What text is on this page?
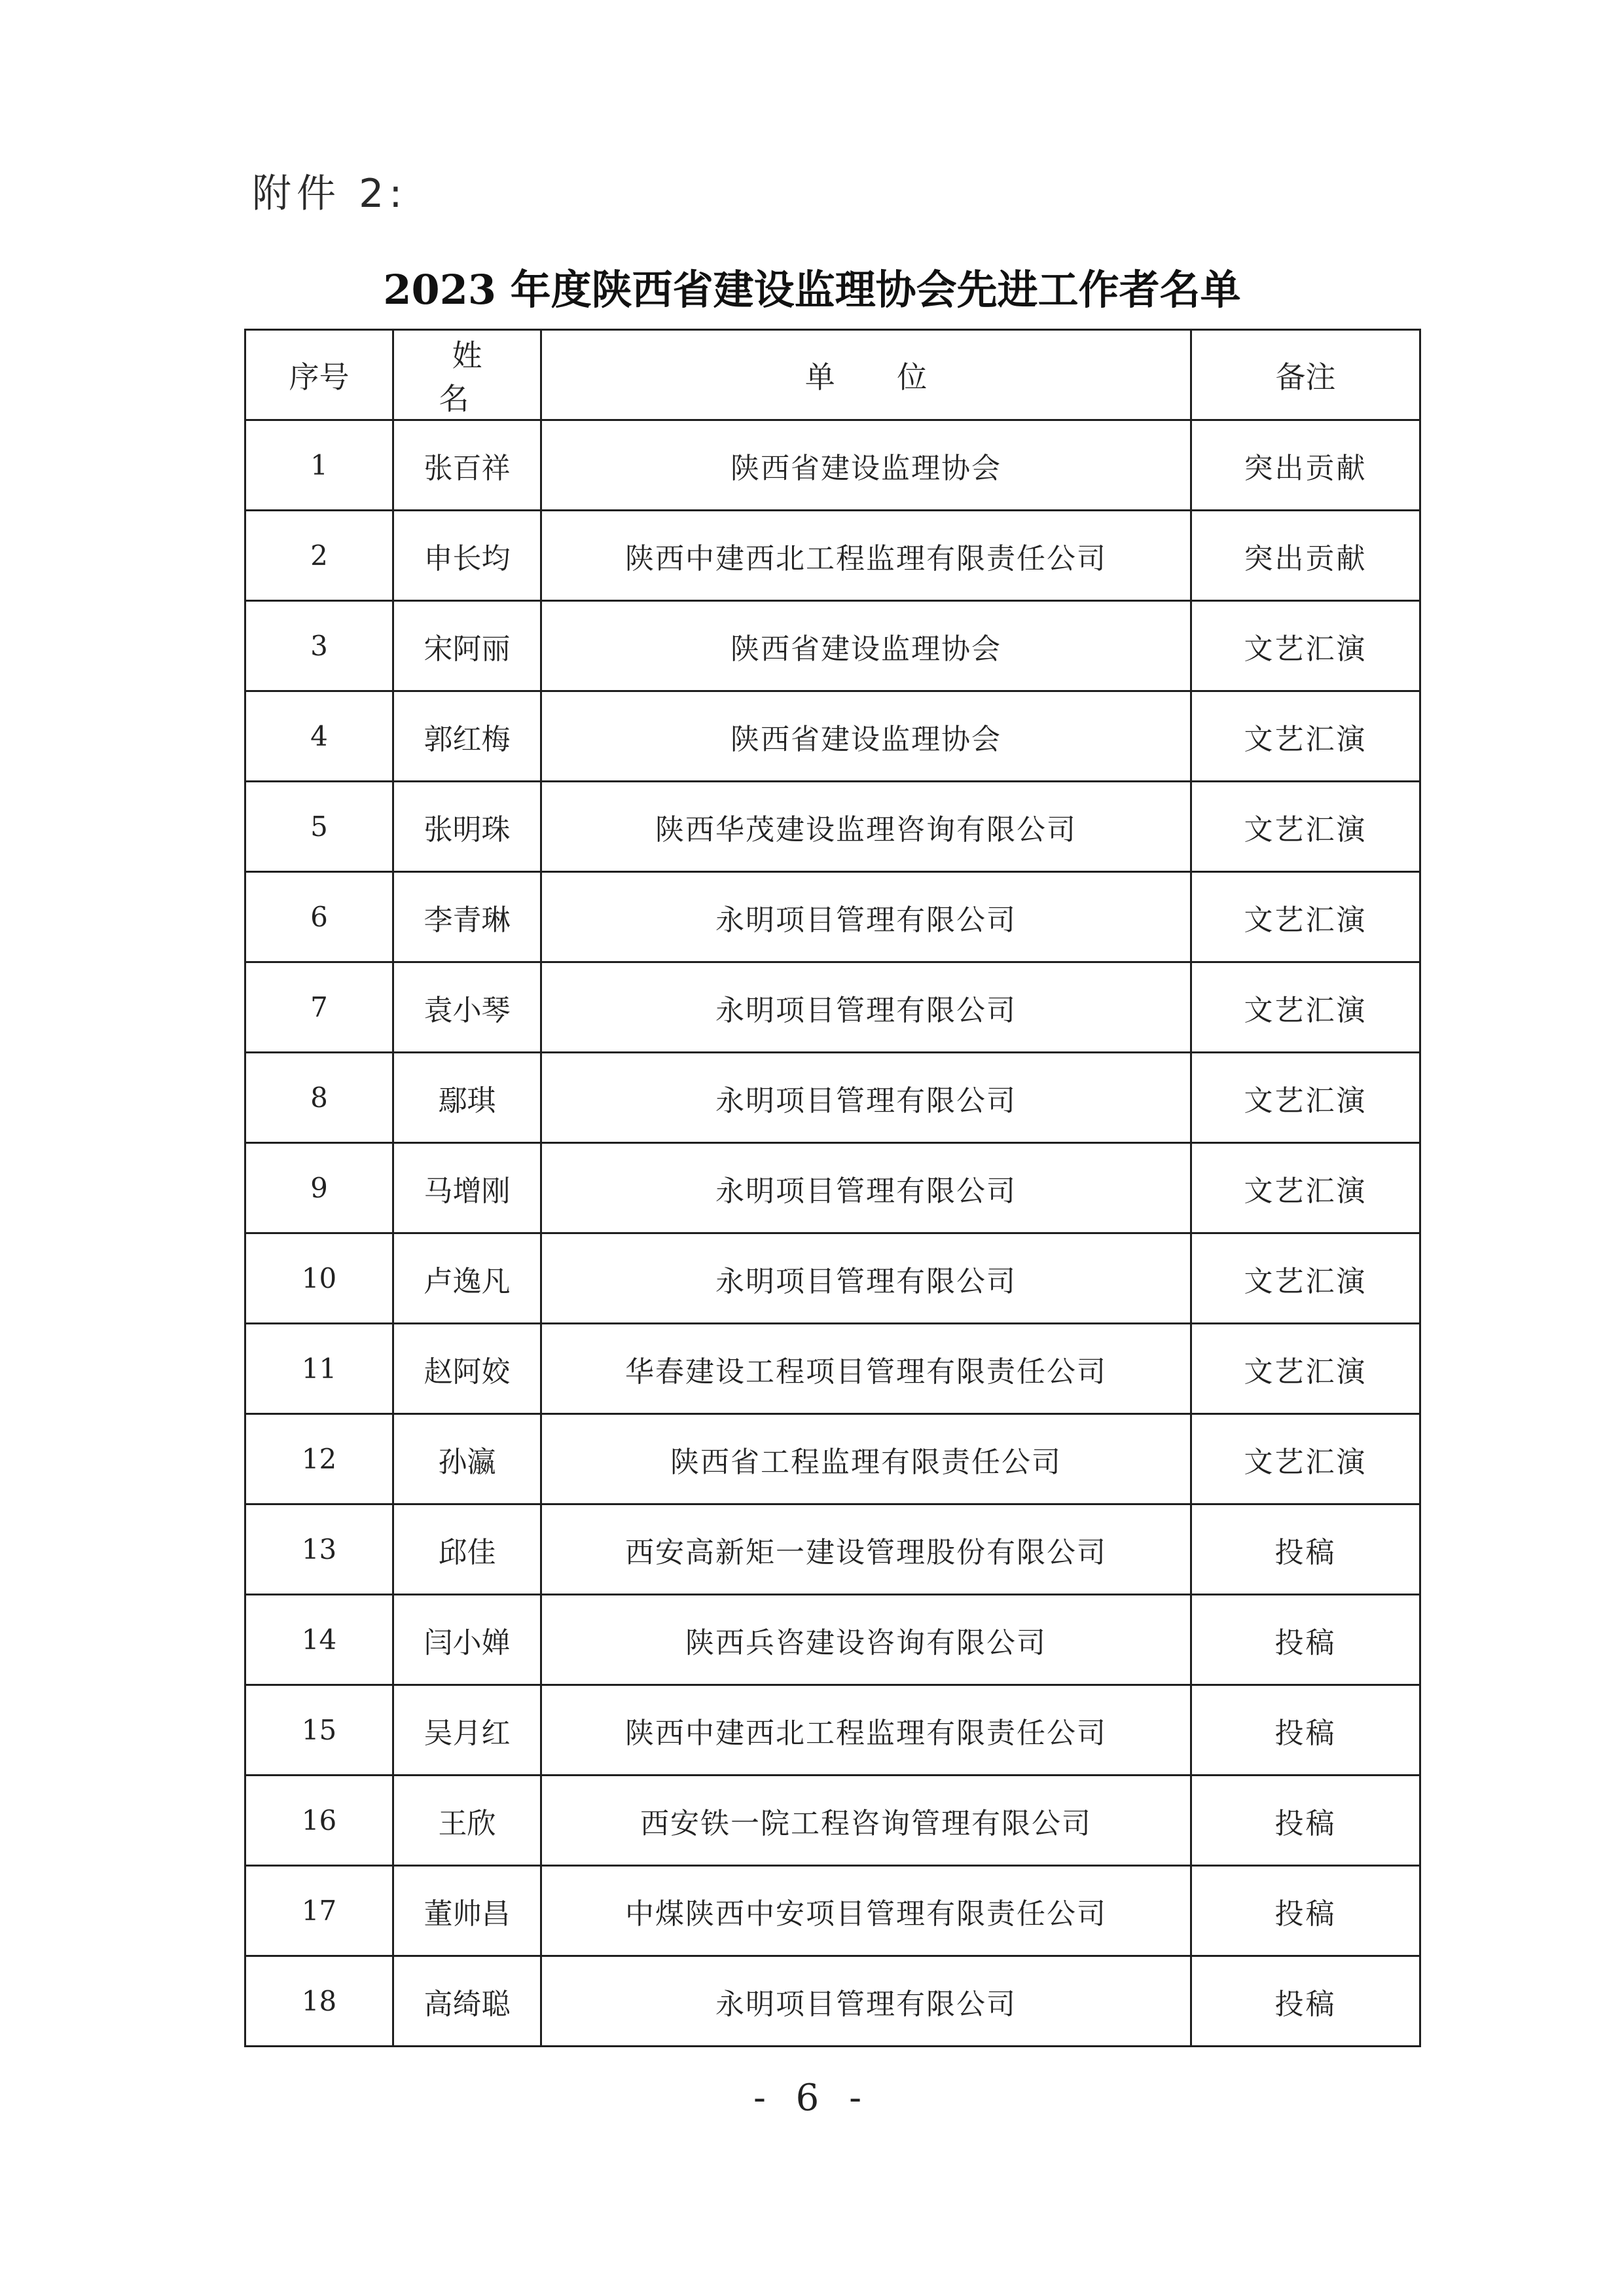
附件 2:
2023 年度陕西省建设监理协会先进工作者名单
序号	姓 名	单 位	备注
1	张百祥	陕西省建设监理协会	突出贡献
2	申长均	陕西中建西北工程监理有限责任公司	突出贡献
3	宋阿丽	陕西省建设监理协会	文艺汇演
4	郭红梅	陕西省建设监理协会	文艺汇演
5	张明珠	陕西华茂建设监理咨询有限公司	文艺汇演
6	李青琳	永明项目管理有限公司	文艺汇演
7	袁小琴	永明项目管理有限公司	文艺汇演
8	鄢琪	永明项目管理有限公司	文艺汇演
9	马增刚	永明项目管理有限公司	文艺汇演
10	卢逸凡	永明项目管理有限公司	文艺汇演
11	赵阿姣	华春建设工程项目管理有限责任公司	文艺汇演
12	孙瀛	陕西省工程监理有限责任公司	文艺汇演
13	邱佳	西安高新矩一建设管理股份有限公司	投稿
14	闫小婵	陕西兵咨建设咨询有限公司	投稿
15	吴月红	陕西中建西北工程监理有限责任公司	投稿
16	王欣	西安铁一院工程咨询管理有限公司	投稿
17	董帅昌	中煤陕西中安项目管理有限责任公司	投稿
18	高绮聪	永明项目管理有限公司	投稿
- 6 -
